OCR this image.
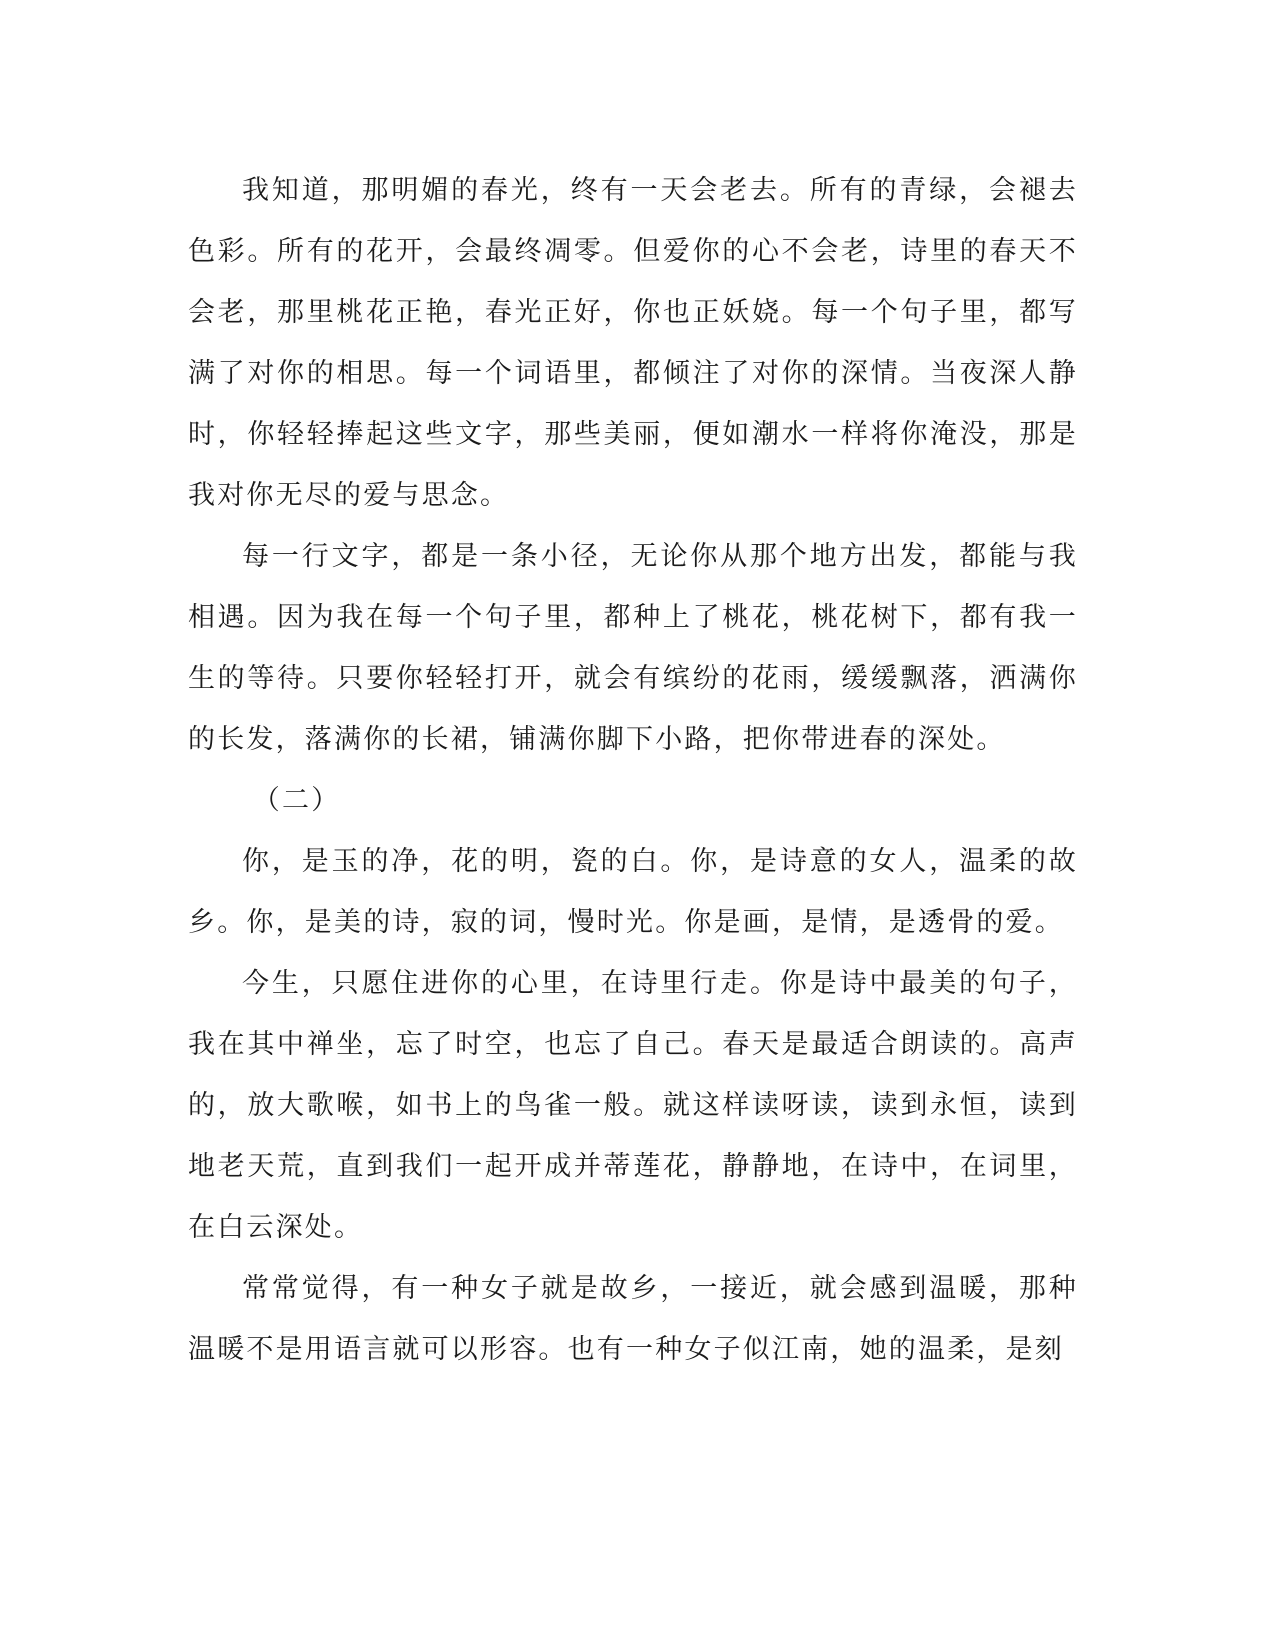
我知道，那明媚的春光，终有一天会老去。所有的青绿，会褪去色彩。所有的花开，会最终凋零。但爱你的心不会老，诗里的春天不会老，那里桃花正艳，春光正好，你也正妖娆。每一个句子里，都写满了对你的相思。每一个词语里，都倾注了对你的深情。当夜深人静时，你轻轻捧起这些文字，那些美丽，便如潮水一样将你淹没，那是我对你无尽的爱与思念。

每一行文字，都是一条小径，无论你从那个地方出发，都能与我相遇。因为我在每一个句子里，都种上了桃花，桃花树下，都有我一生的等待。只要你轻轻打开，就会有缤纷的花雨，缓缓飘落，洒满你的长发，落满你的长裙，铺满你脚下小路，把你带进春的深处。

（二）

你，是玉的净，花的明，瓷的白。你，是诗意的女人，温柔的故乡。你，是美的诗，寂的词，慢时光。你是画，是情，是透骨的爱。

今生，只愿住进你的心里，在诗里行走。你是诗中最美的句子，我在其中禅坐，忘了时空，也忘了自己。春天是最适合朗读的。高声的，放大歌喉，如书上的鸟雀一般。就这样读呀读，读到永恒，读到地老天荒，直到我们一起开成并蒂莲花，静静地，在诗中，在词里，在白云深处。

常常觉得，有一种女子就是故乡，一接近，就会感到温暖，那种温暖不是用语言就可以形容。也有一种女子似江南，她的温柔，是刻
